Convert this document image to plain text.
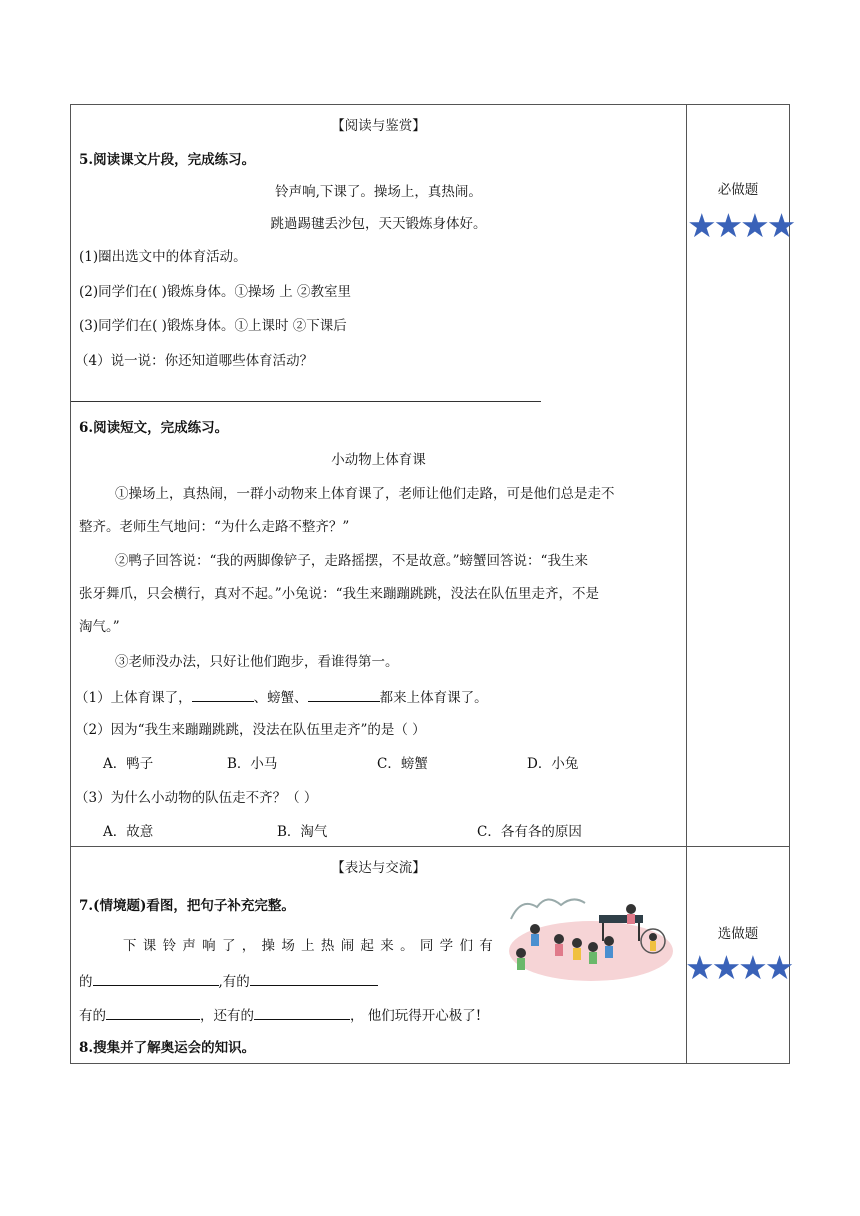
【阅读与鉴赏】
5.阅读课文片段，完成练习。
铃声响,下课了。操场上，真热闹。
跳過踢毽丢沙包，天天锻炼身体好。
(1)圈出选文中的体育活动。
(2)同学们在( )锻炼身体。①操场 上 ②教室里
(3)同学们在( )锻炼身体。①上课时 ②下课后
（4）说一说：你还知道哪些体育活动？
6.阅读短文，完成练习。
小动物上体育课
①操场上，真热闹，一群小动物来上体育课了，老师让他们走路，可是他们总是走不
整齐。老师生气地问：“为什么走路不整齐？”
②鸭子回答说：“我的两脚像铲子，走路摇摆，不是故意。”螃蟹回答说：“我生来
张牙舞爪，只会横行，真对不起。”小兔说：“我生来蹦蹦跳跳，没法在队伍里走齐，不是
淘气。”
③老师没办法，只好让他们跑步，看谁得第一。
（1）上体育课了，	、螃蟹、	都来上体育课了。
（2）因为“我生来蹦蹦跳跳，没法在队伍里走齐”的是（ ）
A．鸭子	B．小马	C．螃蟹	D．小兔
（3）为什么小动物的队伍走不齐？（ ）
A．故意	B．淘气	C．各有各的原因
必做题
★★★★
【表达与交流】
7.(情境题)看图，把句子补充完整。
下 课 铃 声 响 了 ， 操 场 上 热 闹 起 来 。 同 学 们 有
的	,有的
有的	，还有的	， 他们玩得开心极了!
8.搜集并了解奥运会的知识。
选做题
★★★★
